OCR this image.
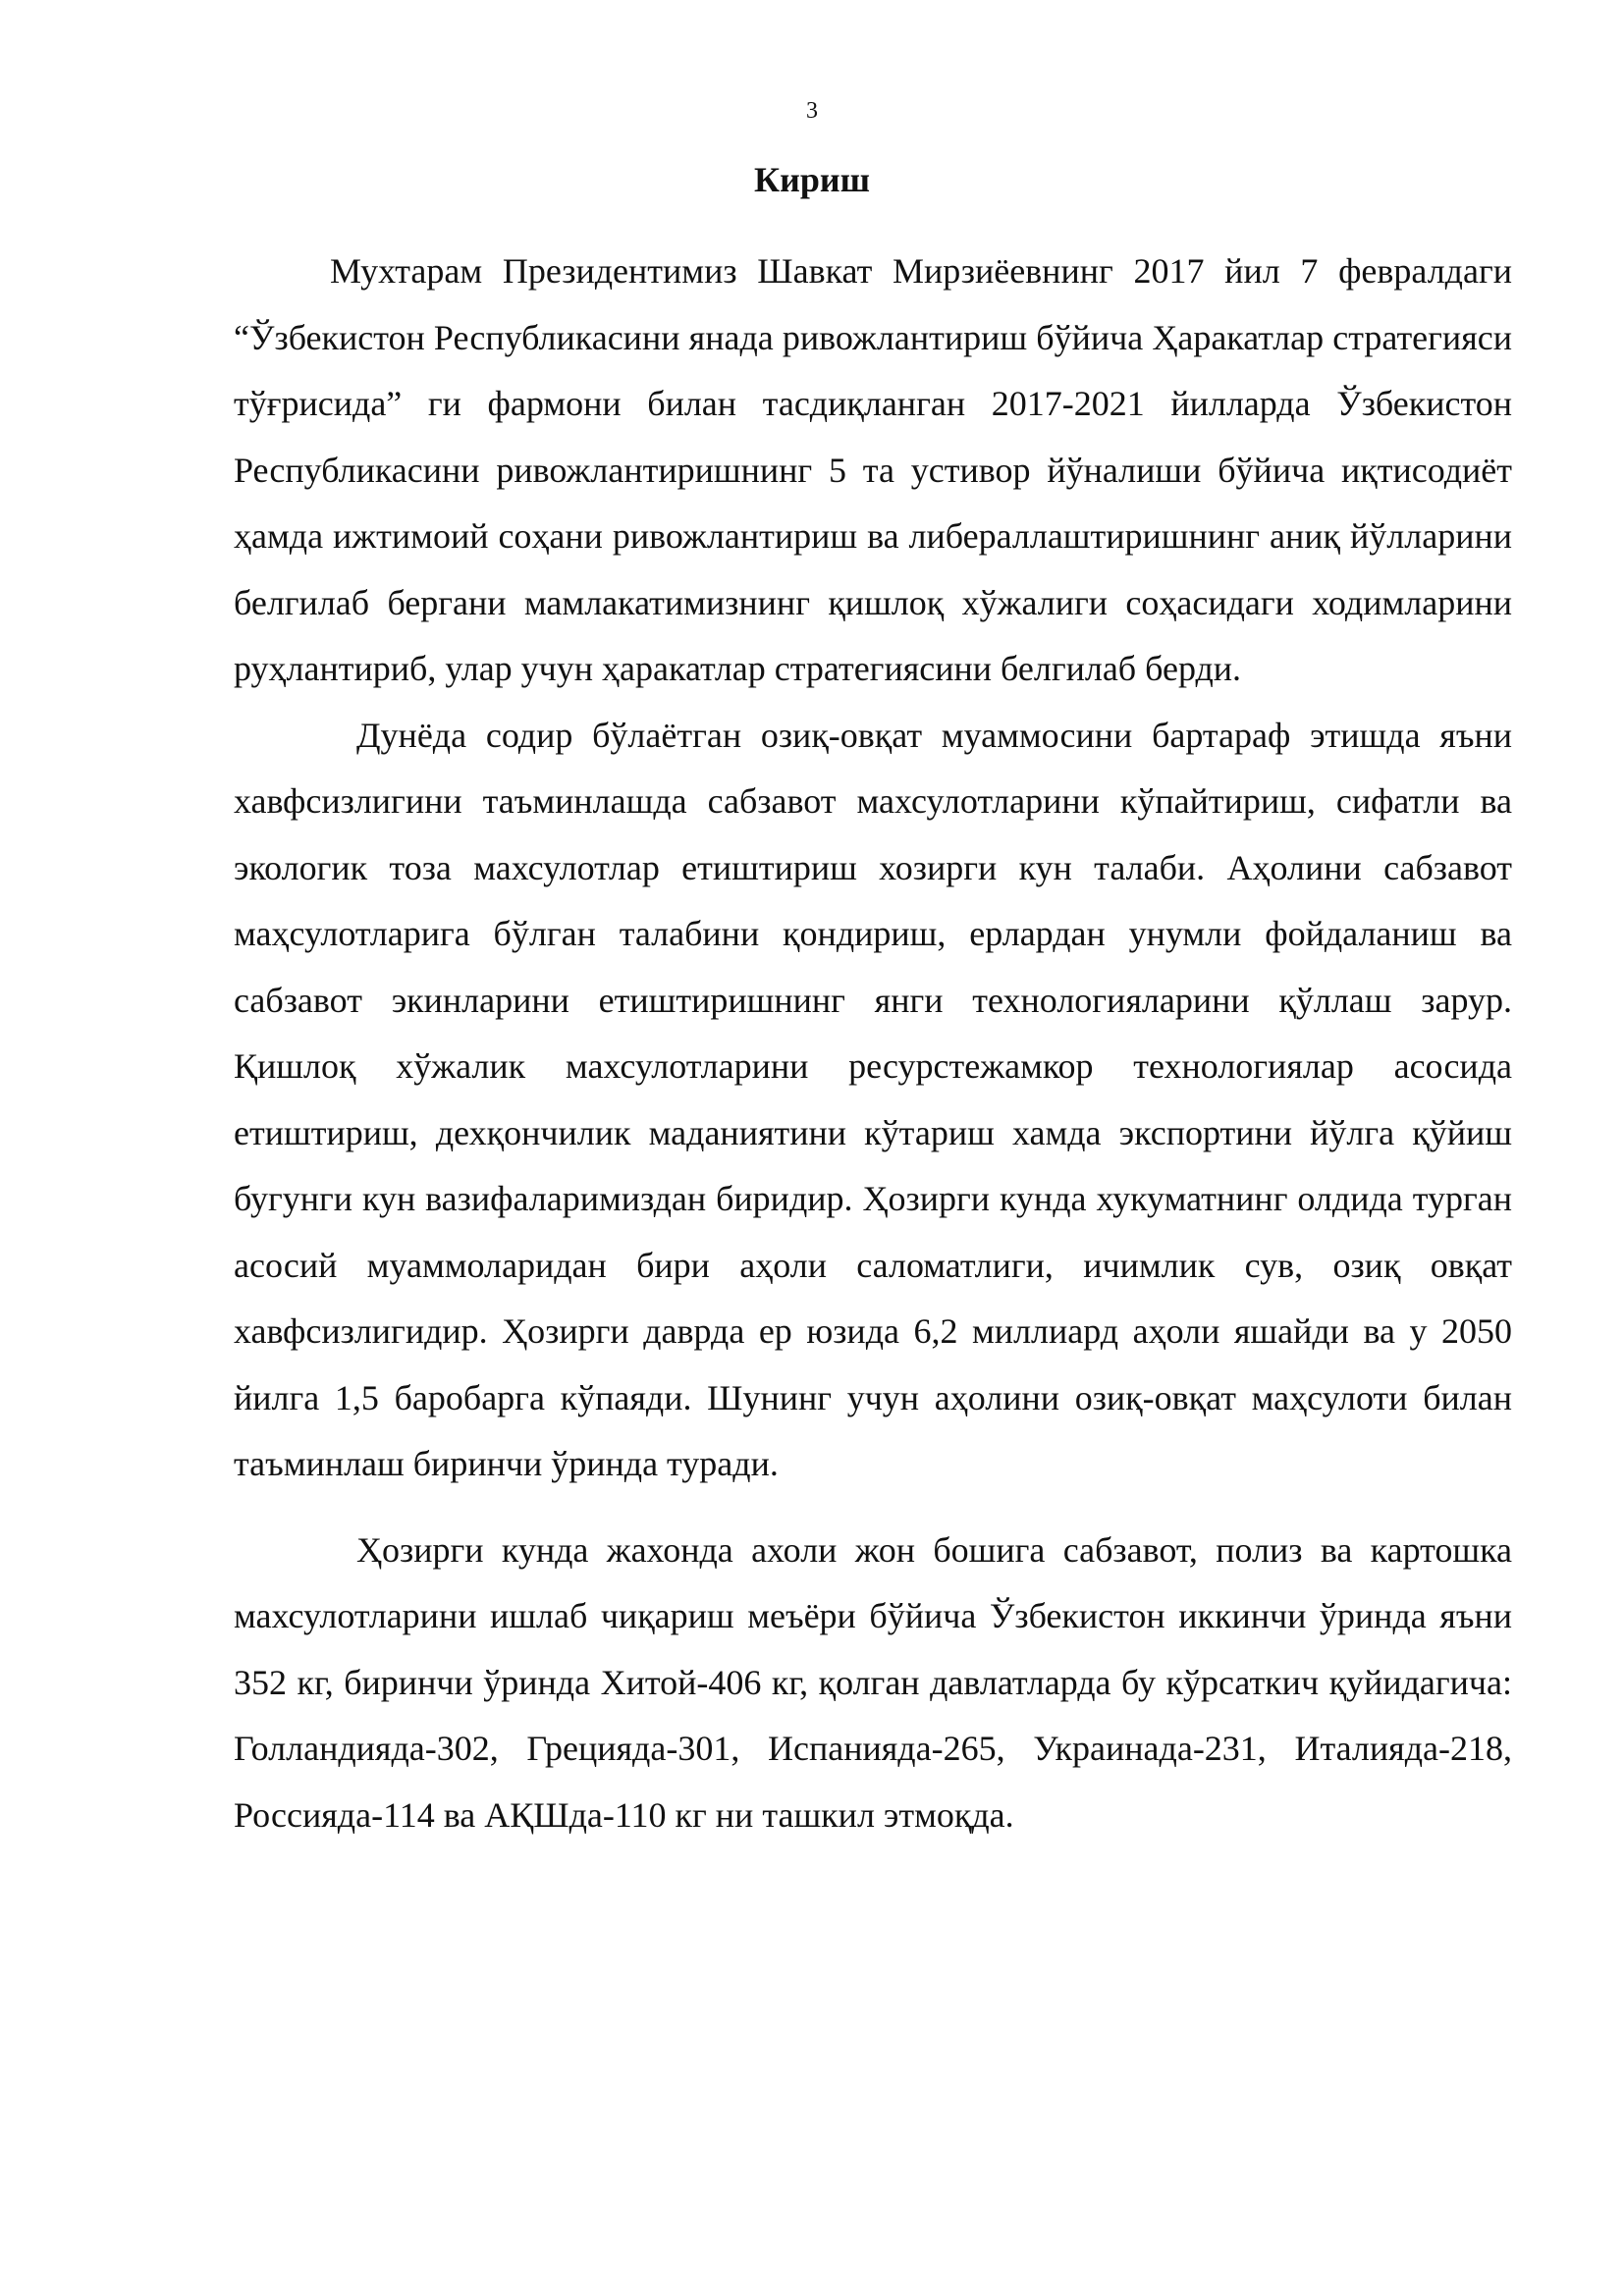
3
Кириш

Мухтарам Президентимиз Шавкат Мирзиёевнинг 2017 йил 7 февралдаги “Ўзбекистон Республикасини янада ривожлантириш бўйича Ҳаракатлар стратегияси тўғрисида” ги фармони билан тасдиқланган 2017-2021 йилларда Ўзбекистон Республикасини ривожлантиришнинг 5 та устивор йўналиши бўйича иқтисодиёт ҳамда ижтимоий соҳани ривожлантириш ва либераллаштиришнинг аниқ йўлларини белгилаб бергани мамлакатимизнинг қишлоқ хўжалиги соҳасидаги ходимларини руҳлантириб, улар учун ҳаракатлар стратегиясини белгилаб берди.

Дунёда содир бўлаётган озиқ-овқат муаммосини бартараф этишда яъни хавфсизлигини таъминлашда сабзавот махсулотларини кўпайтириш, сифатли ва экологик тоза махсулотлар етиштириш хозирги кун талаби. Аҳолини сабзавот маҳсулотларига бўлган талабини қондириш, ерлардан унумли фойдаланиш ва сабзавот экинларини етиштиришнинг янги технологияларини қўллаш зарур. Қишлоқ хўжалик махсулотларини ресурстежамкор технологиялар асосида етиштириш, дехқончилик маданиятини кўтариш хамда экспортини йўлга қўйиш бугунги кун вазифаларимиздан биридир. Ҳозирги кунда хукуматнинг олдида турган асосий муаммоларидан бири аҳоли саломатлиги, ичимлик сув, озиқ овқат хавфсизлигидир. Ҳозирги даврда ер юзида 6,2 миллиард аҳоли яшайди ва у 2050 йилга 1,5 баробарга кўпаяди. Шунинг учун аҳолини озиқ-овқат маҳсулоти билан таъминлаш биринчи ўринда туради.

Ҳозирги кунда жахонда ахоли жон бошига сабзавот, полиз ва картошка махсулотларини ишлаб чиқариш меъёри бўйича Ўзбекистон иккинчи ўринда яъни 352 кг, биринчи ўринда Хитой-406 кг, қолган давлатларда бу кўрсаткич қуйидагича: Голландияда-302, Грецияда-301, Испанияда-265, Украинада-231, Италияда-218, Россияда-114 ва АҚШда-110 кг ни ташкил этмоқда.
